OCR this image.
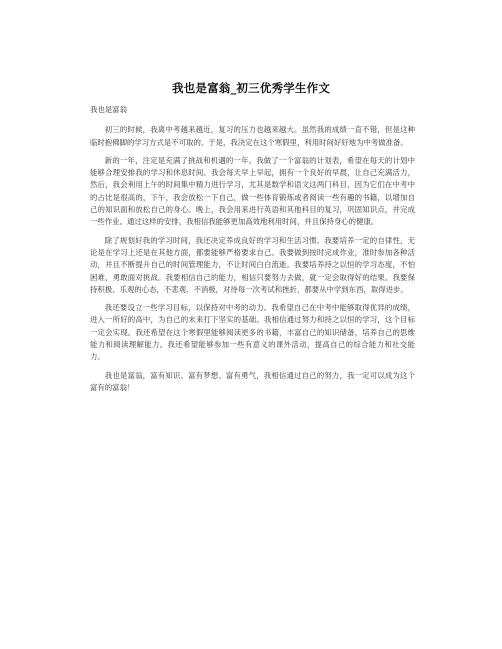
我也是富翁_初三优秀学生作文

我也是富翁

初三的时候，我离中考越来越近，复习的压力也越来越大。虽然我的成绩一直不错，但是这种临时抱佛脚的学习方式是不可取的。于是，我决定在这个寒假里，利用时间好好地为中考做准备。

新的一年，注定是充满了挑战和机遇的一年。我做了一个富翁的计划表，希望在每天的计划中能够合理安排我的学习和休息时间。我会每天早上早起，拥有一个良好的早晨，让自己充满活力，然后，我会利用上午的时间集中精力进行学习，尤其是数学和语文这两门科目，因为它们在中考中的占比是很高的，下午，我会放松一下自己，做一些体育锻炼或者阅读一些有趣的书籍，以增加自己的知识面和放松自己的身心。晚上，我会用来进行英语和其他科目的复习，巩固知识点，并完成一些作业。通过这样的安排，我相信我能够更加高效地利用时间，并且保持身心的健康。

除了规划好我的学习时间，我还决定养成良好的学习和生活习惯。我要培养一定的自律性，无论是在学习上还是在其他方面，都要能够严格要求自己。我要做到按时完成作业，准时参加各种活动，并且不断提升自己的时间管理能力，不让时间白白流逝。我要培养持之以恒的学习态度，不怕困难，勇敢面对挑战。我要相信自己的能力，相信只要努力去做，就一定会取得好的结果。我要保持积极、乐观的心态，不悲观、不消极，对待每一次考试和挫折，都要从中学到东西，取得进步。

我还要设立一些学习目标，以保持对中考的动力。我希望自己在中考中能够取得优异的成绩，进入一所好的高中，为自己的未来打下坚实的基础。我相信通过努力和持之以恒的学习，这个目标一定会实现。我还希望在这个寒假里能够阅读更多的书籍，丰富自己的知识储备，培养自己的思维能力和阅读理解能力。我还希望能够参加一些有意义的课外活动，提高自己的综合能力和社交能力。

我也是富翁，富有知识、富有梦想、富有勇气，我相信通过自己的努力，我一定可以成为这个富有的富翁！
